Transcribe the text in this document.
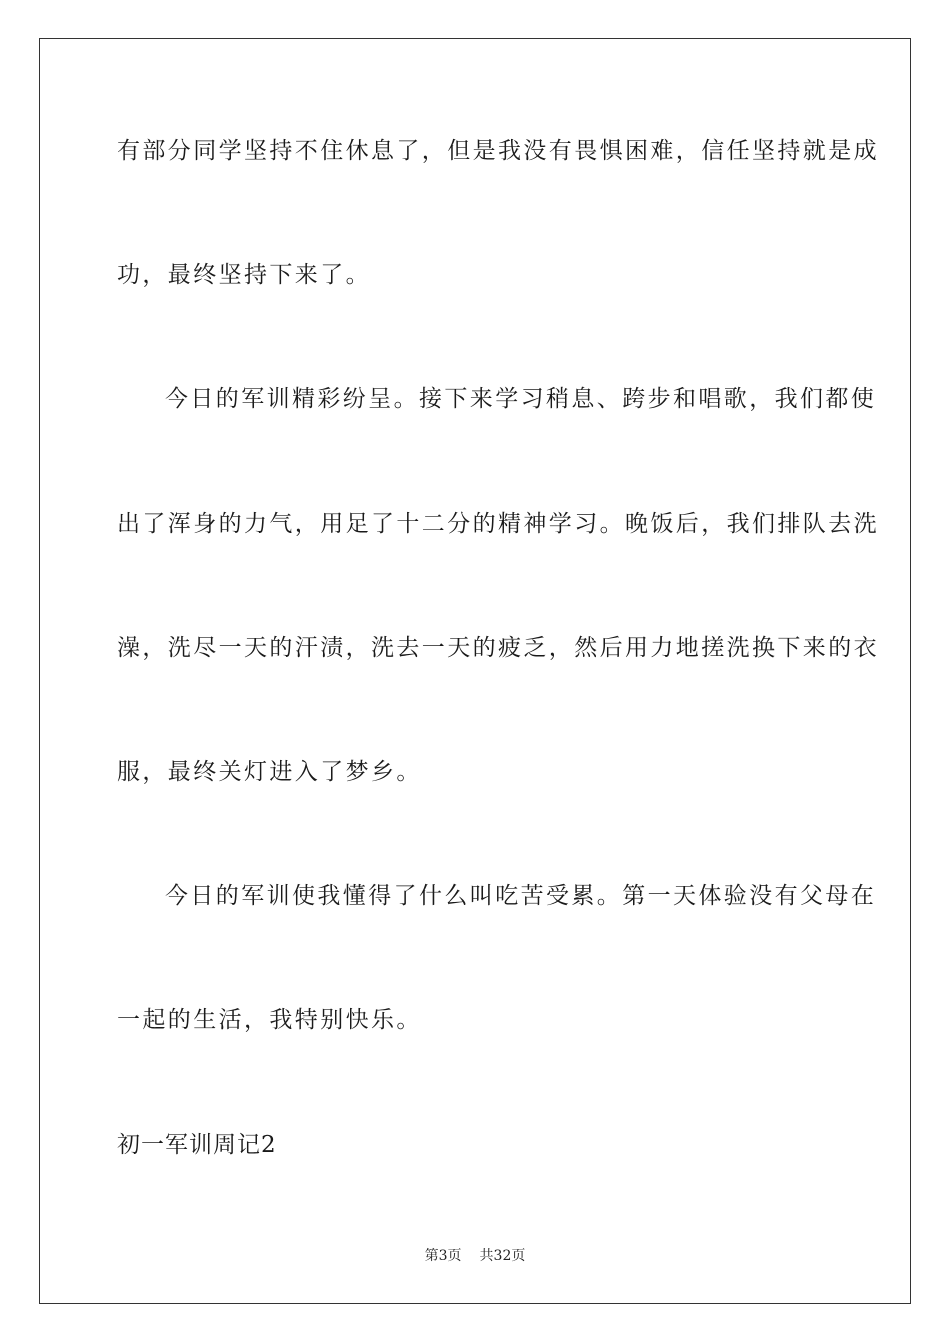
有部分同学坚持不住休息了，但是我没有畏惧困难，信任坚持就是成
功，最终坚持下来了。
今日的军训精彩纷呈。接下来学习稍息、跨步和唱歌，我们都使
出了浑身的力气，用足了十二分的精神学习。晚饭后，我们排队去洗
澡，洗尽一天的汗渍，洗去一天的疲乏，然后用力地搓洗换下来的衣
服，最终关灯进入了梦乡。
今日的军训使我懂得了什么叫吃苦受累。第一天体验没有父母在
一起的生活，我特别快乐。
初一军训周记2
第3页 共32页
